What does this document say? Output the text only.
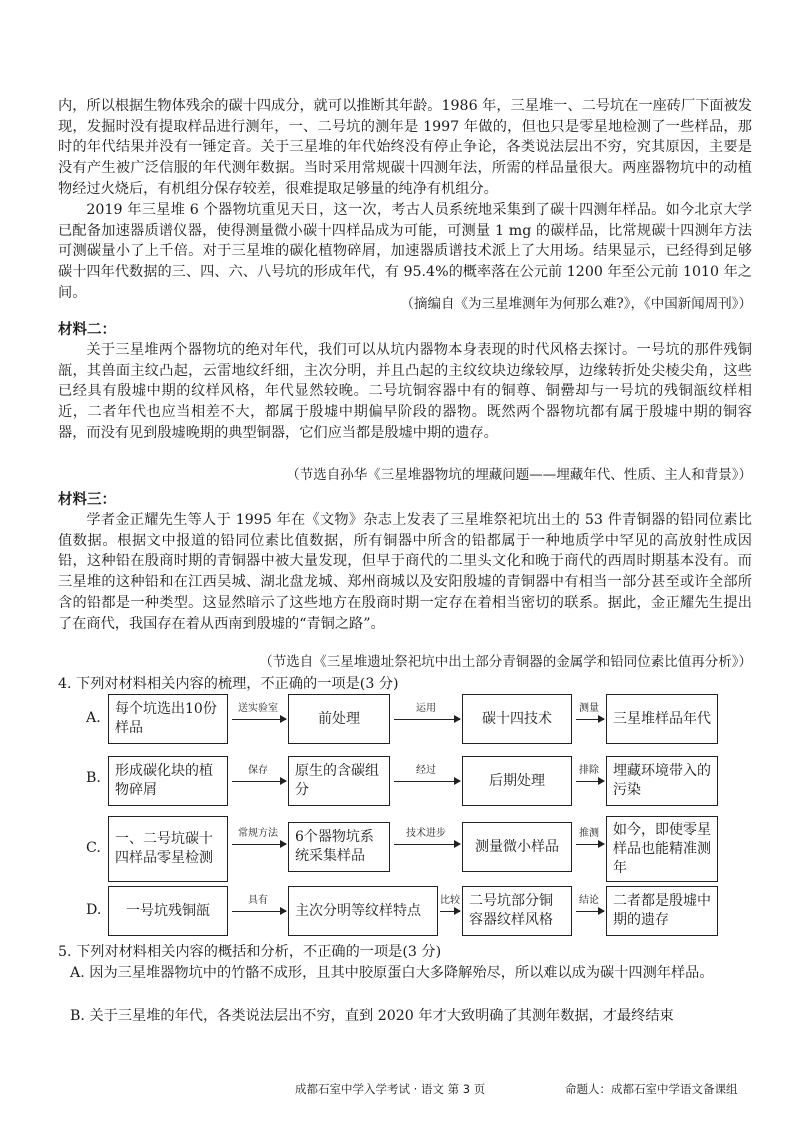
内，所以根据生物体残余的碳十四成分，就可以推断其年龄。1986 年，三星堆一、二号坑在一座砖厂下面被发现，发掘时没有提取样品进行测年，一、二号坑的测年是 1997 年做的，但也只是零星地检测了一些样品，那时的年代结果并没有一锤定音。关于三星堆的年代始终没有停止争论，各类说法层出不穷，究其原因，主要是没有产生被广泛信服的年代测年数据。当时采用常规碳十四测年法，所需的样品量很大。两座器物坑中的动植物经过火烧后，有机组分保存较差，很难提取足够量的纯净有机组分。
2019 年三星堆 6 个器物坑重见天日，这一次，考古人员系统地采集到了碳十四测年样品。如今北京大学已配备加速器质谱仪器，使得测量微小碳十四样品成为可能，可测量 1 mg 的碳样品，比常规碳十四测年方法可测碳量小了上千倍。对于三星堆的碳化植物碎屑，加速器质谱技术派上了大用场。结果显示，已经得到足够碳十四年代数据的三、四、六、八号坑的形成年代，有 95.4%的概率落在公元前 1200 年至公元前 1010 年之间。
（摘编自《为三星堆测年为何那么难?》，《中国新闻周刊》）
材料二：
关于三星堆两个器物坑的绝对年代，我们可以从坑内器物本身表现的时代风格去探讨。一号坑的那件残铜瓿，其兽面主纹凸起，云雷地纹纤细，主次分明，并且凸起的主纹纹块边缘较厚，边缘转折处尖棱尖角，这些已经具有殷墟中期的纹样风格，年代显然较晚。二号坑铜容器中有的铜尊、铜罍却与一号坑的残铜瓿纹样相近，二者年代也应当相差不大，都属于殷墟中期偏早阶段的器物。既然两个器物坑都有属于殷墟中期的铜容器，而没有见到殷墟晚期的典型铜器，它们应当都是殷墟中期的遗存。
（节选自孙华《三星堆器物坑的埋藏问题——埋藏年代、性质、主人和背景》）
材料三：
学者金正耀先生等人于 1995 年在《文物》杂志上发表了三星堆祭祀坑出土的 53 件青铜器的铅同位素比值数据。根据文中报道的铅同位素比值数据，所有铜器中所含的铅都属于一种地质学中罕见的高放射性成因铅，这种铅在殷商时期的青铜器中被大量发现，但早于商代的二里头文化和晚于商代的西周时期基本没有。而三星堆的这种铅和在江西吴城、湖北盘龙城、郑州商城以及安阳殷墟的青铜器中有相当一部分甚至或许全部所含的铅都是一种类型。这显然暗示了这些地方在殷商时期一定存在着相当密切的联系。据此，金正耀先生提出了在商代，我国存在着从西南到殷墟的“青铜之路”。
（节选自《三星堆遗址祭祀坑中出土部分青铜器的金属学和铅同位素比值再分析》）
4. 下列对材料相关内容的梳理，不正确的一项是(3 分)
A.
每个坑选出10份样品
送实验室
前处理
运用
碳十四技术
测量
三星堆样品年代
B. 形成碳化块的植物碎屑
保存	原生的含碳组分
经过
后期处理
排除	埋藏环境带入的污染
C.
一、二号坑碳十四样品零星检测
常规方法	6个器物坑系统采集样品
技术进步
测量微小样品
推测	如今，即使零星样品也能精准测年
D. 一号坑残铜瓿
具有
主次分明等纹样特点
比较 二号坑部分铜容器纹样风格
结论	二者都是殷墟中期的遗存
5. 下列对材料相关内容的概括和分析，不正确的一项是(3 分)
A. 因为三星堆器物坑中的竹骼不成形，且其中胶原蛋白大多降解殆尽，所以难以成为碳十四测年样品。
B. 关于三星堆的年代，各类说法层出不穷，直到 2020 年才大致明确了其测年数据，才最终结束
成都石室中学入学考试 · 语文 第 3 页	命题人：成都石室中学语文备课组
